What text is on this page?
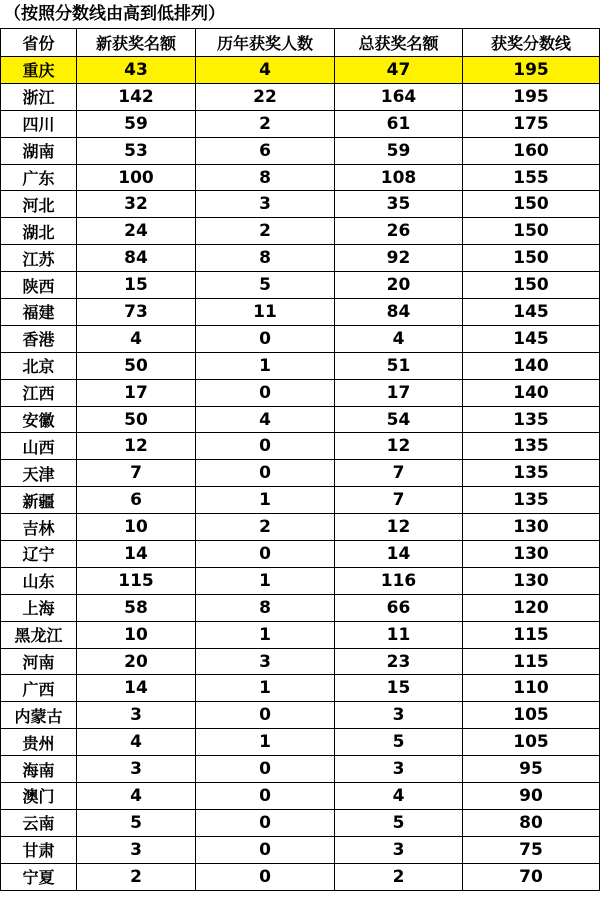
（按照分数线由高到低排列）
省份	新获奖名额	历年获奖人数	总获奖名额	获奖分数线
重庆	43	4	47	195
浙江	142	22	164	195
四川	59	2	61	175
湖南	53	6	59	160
广东	100	8	108	155
河北	32	3	35	150
湖北	24	2	26	150
江苏	84	8	92	150
陕西	15	5	20	150
福建	73	11	84	145
香港	4	0	4	145
北京	50	1	51	140
江西	17	0	17	140
安徽	50	4	54	135
山西	12	0	12	135
天津	7	0	7	135
新疆	6	1	7	135
吉林	10	2	12	130
辽宁	14	0	14	130
山东	115	1	116	130
上海	58	8	66	120
黑龙江	10	1	11	115
河南	20	3	23	115
广西	14	1	15	110
内蒙古	3	0	3	105
贵州	4	1	5	105
海南	3	0	3	95
澳门	4	0	4	90
云南	5	0	5	80
甘肃	3	0	3	75
宁夏	2	0	2	70
